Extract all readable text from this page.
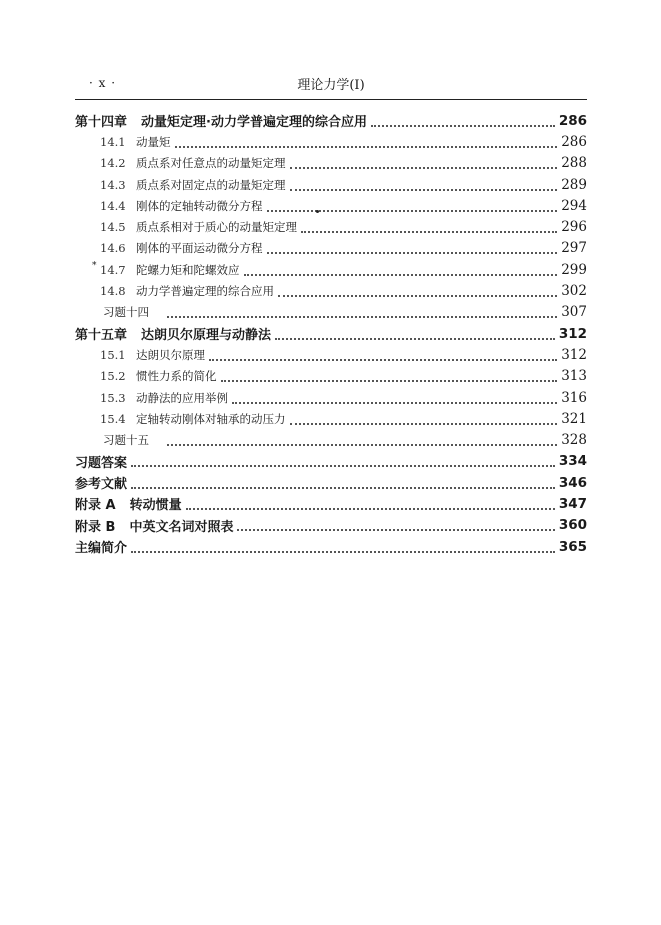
· x ·	理论力学(Ⅰ)
第十四章 动量矩定理·动力学普遍定理的综合应用	286
14.1 动量矩	286
14.2 质点系对任意点的动量矩定理	288
14.3 质点系对固定点的动量矩定理	289
14.4 刚体的定轴转动微分方程	294
14.5 质点系相对于质心的动量矩定理	296
14.6 刚体的平面运动微分方程	297
* 14.7 陀螺力矩和陀螺效应	299
14.8 动力学普遍定理的综合应用	302
习题十四	307
第十五章 达朗贝尔原理与动静法	312
15.1 达朗贝尔原理	312
15.2 惯性力系的简化	313
15.3 动静法的应用举例	316
15.4 定轴转动刚体对轴承的动压力	321
习题十五	328
习题答案	334
参考文献	346
附录 A 转动惯量	347
附录 B 中英文名词对照表	360
主编简介	365
